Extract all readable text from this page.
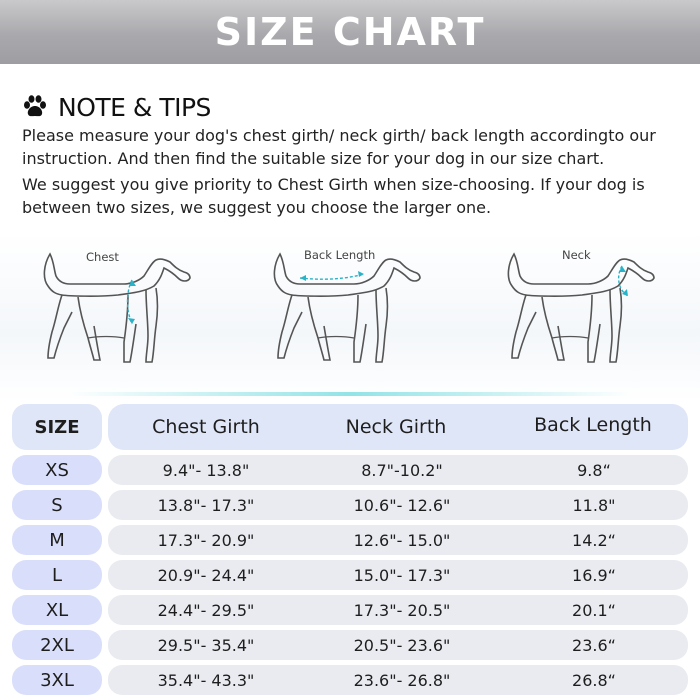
SIZE CHART
NOTE & TIPS

Please measure your dog's chest girth/ neck girth/ back length accordingto our instruction. And then find the suitable size for your dog in our size chart.

We suggest you give priority to Chest Girth when size-choosing. If your dog is between two sizes, we suggest you choose the larger one.

Chest	Back Length	Neck
SIZE	Chest Girth	Neck Girth	Back Length
XS	9.4"- 13.8"	8.7"-10.2"	9.8“
S	13.8"- 17.3"	10.6"- 12.6"	11.8"
M	17.3"- 20.9"	12.6"- 15.0"	14.2“
L	20.9"- 24.4"	15.0"- 17.3"	16.9“
XL	24.4"- 29.5"	17.3"- 20.5"	20.1“
2XL	29.5"- 35.4"	20.5"- 23.6"	23.6“
3XL	35.4"- 43.3"	23.6"- 26.8"	26.8“
